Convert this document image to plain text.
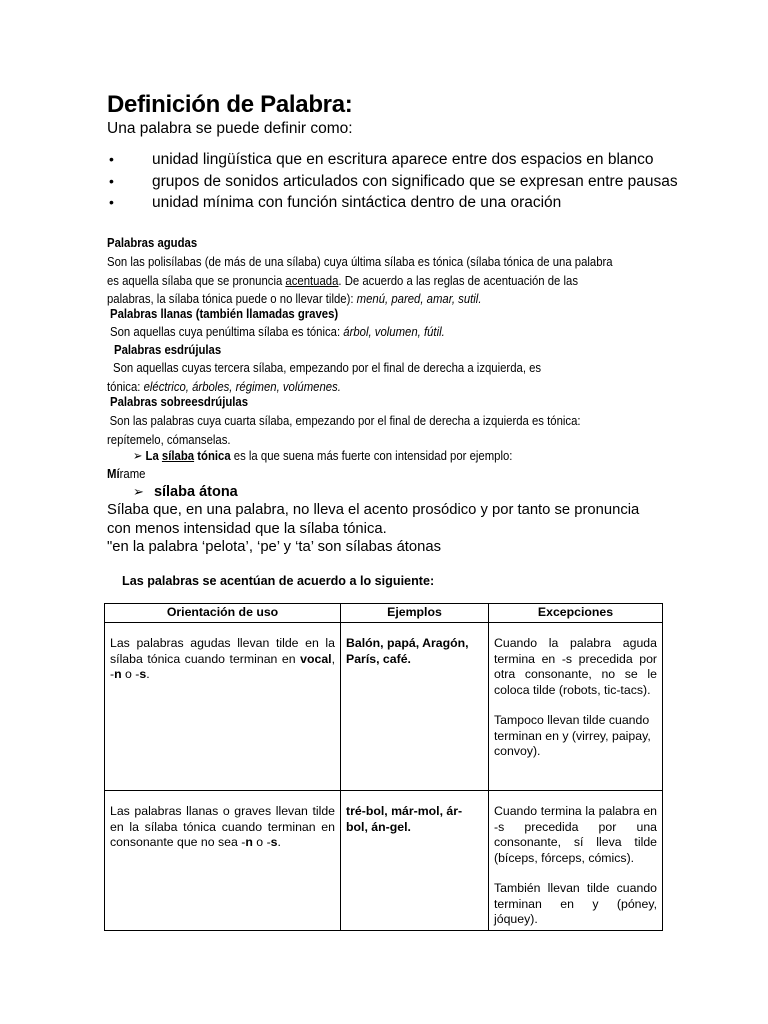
Definición de Palabra:
Una palabra se puede definir como:
• unidad lingüística que en escritura aparece entre dos espacios en blanco
• grupos de sonidos articulados con significado que se expresan entre pausas
• unidad mínima con función sintáctica dentro de una oración
Palabras agudas
Son las polisílabas (de más de una sílaba) cuya última sílaba es tónica (sílaba tónica de una palabra
es aquella sílaba que se pronuncia acentuada. De acuerdo a las reglas de acentuación de las
palabras, la sílaba tónica puede o no llevar tilde): menú, pared, amar, sutil.
Palabras llanas (también llamadas graves)
Son aquellas cuya penúltima sílaba es tónica: árbol, volumen, fútil.
Palabras esdrújulas
Son aquellas cuyas tercera sílaba, empezando por el final de derecha a izquierda, es
tónica: eléctrico, árboles, régimen, volúmenes.
Palabras sobreesdrújulas
Son las palabras cuya cuarta sílaba, empezando por el final de derecha a izquierda es tónica:
repítemelo, cómanselas.
➢ La sílaba tónica es la que suena más fuerte con intensidad por ejemplo:
Mírame
➢ sílaba átona
Sílaba que, en una palabra, no lleva el acento prosódico y por tanto se pronuncia
con menos intensidad que la sílaba tónica.
"en la palabra ‘pelota’, ‘pe’ y ‘ta’ son sílabas átonas
Las palabras se acentúan de acuerdo a lo siguiente:
Orientación de uso	Ejemplos	Excepciones
Las palabras agudas llevan tilde en la sílaba tónica cuando terminan en vocal, -n o -s.	Balón, papá, Aragón, París, café.	Cuando la palabra aguda termina en -s precedida por otra consonante, no se le coloca tilde (robots, tic-tacs).
Tampoco llevan tilde cuando terminan en y (virrey, paipay, convoy).

Las palabras llanas o graves llevan tilde en la sílaba tónica cuando terminan en consonante que no sea -n o -s.	tré-bol, már-mol, ár-bol, án-gel.	Cuando termina la palabra en -s precedida por una consonante, sí lleva tilde (bíceps, fórceps, cómics).
También llevan tilde cuando terminan en y (póney, jóquey).
